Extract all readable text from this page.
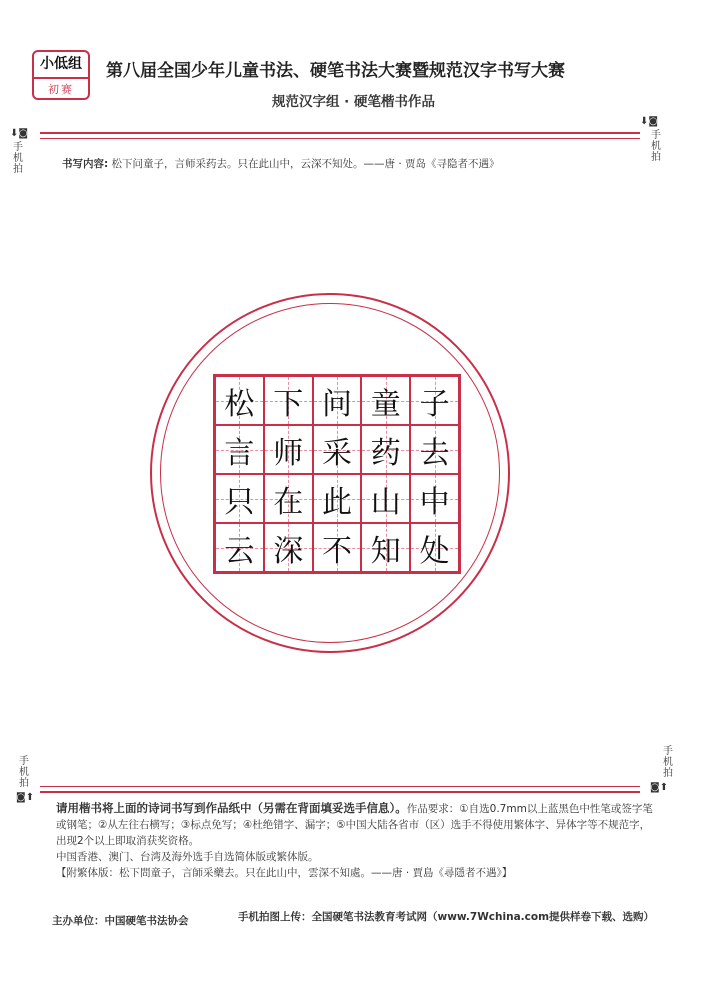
小低组
初赛
第八届全国少年儿童书法、硬笔书法大赛暨规范汉字书写大赛
规范汉字组 · 硬笔楷书作品
⬇◙
手
机
拍
⬇◙
手
机
拍
书写内容: 松下问童子，言师采药去。只在此山中，云深不知处。——唐 · 贾岛《寻隐者不遇》
松 下 问 童 子
言 师 采 药 去
只 在 此 山 中
云 深 不 知 处
手
机
拍
◙⬆
手
机
拍
◙⬆
请用楷书将上面的诗词书写到作品纸中（另需在背面填妥选手信息）。作品要求：①自选0.7mm以上蓝黑色中性笔或签字笔或钢笔；②从左往右横写；③标点免写；④杜绝错字、漏字；⑤中国大陆各省市（区）选手不得使用繁体字、异体字等不规范字，出现2个以上即取消获奖资格。
中国香港、澳门、台湾及海外选手自选简体版或繁体版。
【附繁体版：松下問童子，言師采藥去。只在此山中，雲深不知處。——唐 · 賈島《尋隱者不遇》】
主办单位：中国硬笔书法协会	手机拍图上传：全国硬笔书法教育考试网（www.7Wchina.com提供样卷下载、选购）
